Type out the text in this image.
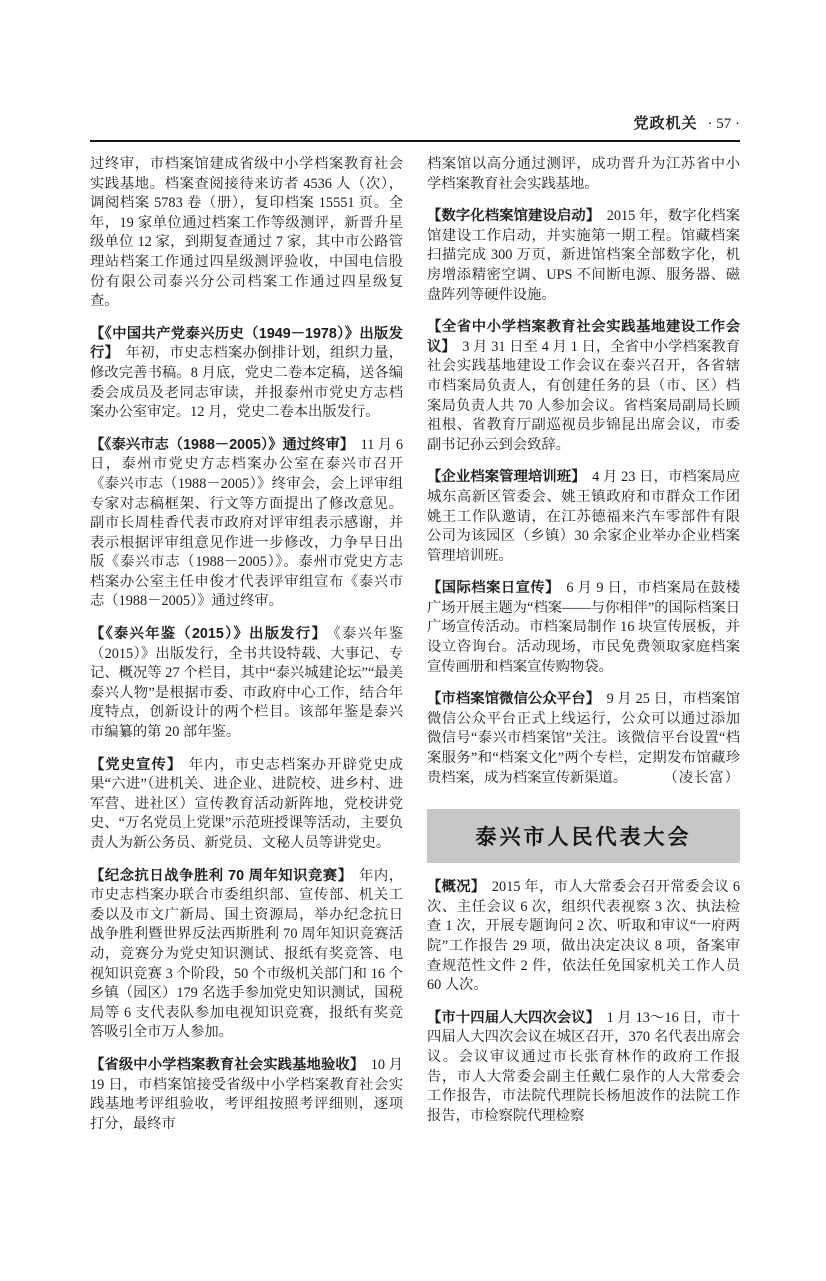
党政机关 · 57 ·

过终审，市档案馆建成省级中小学档案教育社会实践基地。档案查阅接待来访者 4536 人（次），调阅档案 5783 卷（册），复印档案 15551 页。全年，19 家单位通过档案工作等级测评，新晋升星级单位 12 家，到期复查通过 7 家，其中市公路管理站档案工作通过四星级测评验收，中国电信股份有限公司泰兴分公司档案工作通过四星级复查。

【《中国共产党泰兴历史（1949－1978）》出版发行】 年初，市史志档案办倒排计划，组织力量，修改完善书稿。8 月底，党史二卷本定稿，送各编委会成员及老同志审读，并报泰州市党史方志档案办公室审定。12 月，党史二卷本出版发行。

【《泰兴市志（1988－2005）》通过终审】 11 月 6 日，泰州市党史方志档案办公室在泰兴市召开《泰兴市志（1988－2005）》终审会，会上评审组专家对志稿框架、行文等方面提出了修改意见。副市长周桂香代表市政府对评审组表示感谢，并表示根据评审组意见作进一步修改，力争早日出版《泰兴市志（1988－2005）》。泰州市党史方志档案办公室主任申俊才代表评审组宣布《泰兴市志（1988－2005）》通过终审。

【《泰兴年鉴（2015）》出版发行】 《泰兴年鉴（2015）》出版发行，全书共设特载、大事记、专记、概况等 27 个栏目，其中“泰兴城建论坛”“最美泰兴人物”是根据市委、市政府中心工作，结合年度特点，创新设计的两个栏目。该部年鉴是泰兴市编纂的第 20 部年鉴。

【党史宣传】 年内，市史志档案办开辟党史成果“六进”（进机关、进企业、进院校、进乡村、进军营、进社区）宣传教育活动新阵地，党校讲党史、“万名党员上党课”示范班授课等活动，主要负责人为新公务员、新党员、文秘人员等讲党史。

【纪念抗日战争胜利 70 周年知识竞赛】 年内，市史志档案办联合市委组织部、宣传部、机关工委以及市文广新局、国土资源局，举办纪念抗日战争胜利暨世界反法西斯胜利 70 周年知识竞赛活动，竞赛分为党史知识测试、报纸有奖竞答、电视知识竞赛 3 个阶段，50 个市级机关部门和 16 个乡镇（园区）179 名选手参加党史知识测试，国税局等 6 支代表队参加电视知识竞赛，报纸有奖竞答吸引全市万人参加。

【省级中小学档案教育社会实践基地验收】 10 月 19 日，市档案馆接受省级中小学档案教育社会实践基地考评组验收，考评组按照考评细则，逐项打分，最终市

档案馆以高分通过测评，成功晋升为江苏省中小学档案教育社会实践基地。

【数字化档案馆建设启动】 2015 年，数字化档案馆建设工作启动，并实施第一期工程。馆藏档案扫描完成 300 万页，新进馆档案全部数字化，机房增添精密空调、UPS 不间断电源、服务器、磁盘阵列等硬件设施。

【全省中小学档案教育社会实践基地建设工作会议】 3 月 31 日至 4 月 1 日，全省中小学档案教育社会实践基地建设工作会议在泰兴召开，各省辖市档案局负责人，有创建任务的县（市、区）档案局负责人共 70 人参加会议。省档案局副局长顾祖根、省教育厅副巡视员步锦昆出席会议，市委副书记孙云到会致辞。

【企业档案管理培训班】 4 月 23 日，市档案局应城东高新区管委会、姚王镇政府和市群众工作团姚王工作队邀请，在江苏德福来汽车零部件有限公司为该园区（乡镇）30 余家企业举办企业档案管理培训班。

【国际档案日宣传】 6 月 9 日，市档案局在鼓楼广场开展主题为“档案——与你相伴”的国际档案日广场宣传活动。市档案局制作 16 块宣传展板，并设立咨询台。活动现场，市民免费领取家庭档案宣传画册和档案宣传购物袋。

【市档案馆微信公众平台】 9 月 25 日，市档案馆微信公众平台正式上线运行，公众可以通过添加微信号“泰兴市档案馆”关注。该微信平台设置“档案服务”和“档案文化”两个专栏，定期发布馆藏珍贵档案，成为档案宣传新渠道。	（凌长富）

泰兴市人民代表大会

【概况】 2015 年，市人大常委会召开常委会议 6 次、主任会议 6 次，组织代表视察 3 次、执法检查 1 次，开展专题询问 2 次、听取和审议“一府两院”工作报告 29 项，做出决定决议 8 项，备案审查规范性文件 2 件，依法任免国家机关工作人员 60 人次。

【市十四届人大四次会议】 1 月 13～16 日，市十四届人大四次会议在城区召开，370 名代表出席会议。会议审议通过市长张育林作的政府工作报告，市人大常委会副主任戴仁泉作的人大常委会工作报告，市法院代理院长杨旭波作的法院工作报告，市检察院代理检察
